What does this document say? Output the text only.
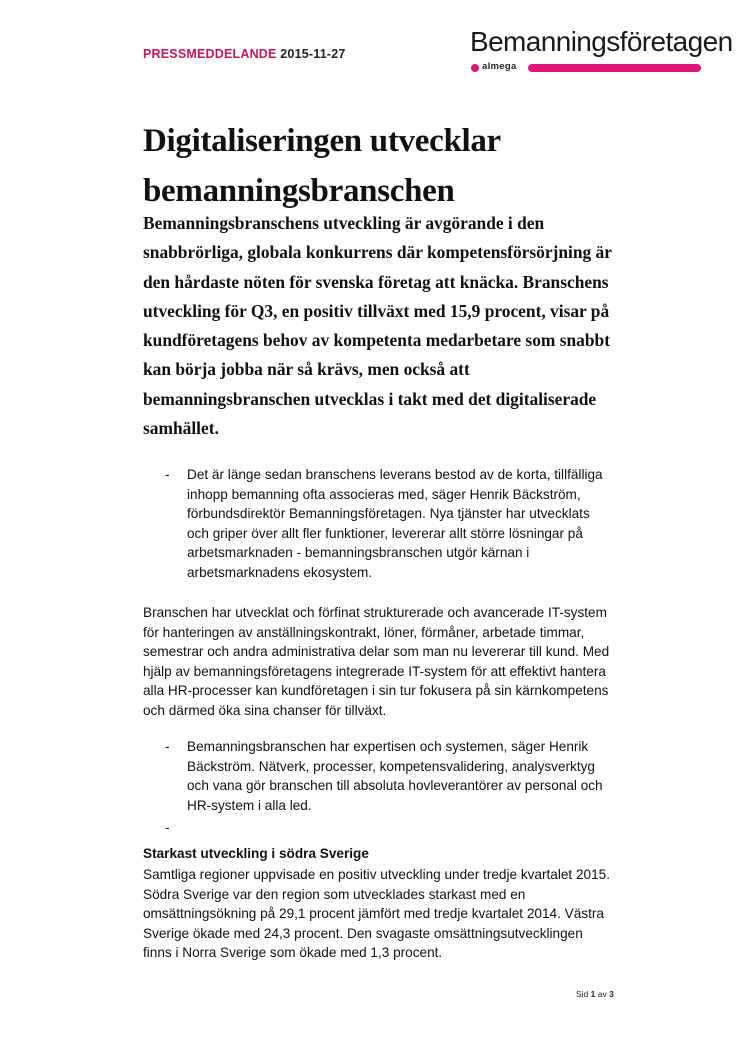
PRESSMEDDELANDE 2015-11-27	Bemanningsföretagen
almega
Digitaliseringen utvecklar bemanningsbranschen

Bemanningsbranschens utveckling är avgörande i den snabbrörliga, globala konkurrens där kompetensförsörjning är den hårdaste nöten för svenska företag att knäcka. Branschens utveckling för Q3, en positiv tillväxt med 15,9 procent, visar på kundföretagens behov av kompetenta medarbetare som snabbt kan börja jobba när så krävs, men också att bemanningsbranschen utvecklas i takt med det digitaliserade samhället.

- Det är länge sedan branschens leverans bestod av de korta, tillfälliga inhopp bemanning ofta associeras med, säger Henrik Bäckström, förbundsdirektör Bemanningsföretagen. Nya tjänster har utvecklats och griper över allt fler funktioner, levererar allt större lösningar på arbetsmarknaden - bemanningsbranschen utgör kärnan i arbetsmarknadens ekosystem.

Branschen har utvecklat och förfinat strukturerade och avancerade IT-system för hanteringen av anställningskontrakt, löner, förmåner, arbetade timmar, semestrar och andra administrativa delar som man nu levererar till kund. Med hjälp av bemanningsföretagens integrerade IT-system för att effektivt hantera alla HR-processer kan kundföretagen i sin tur fokusera på sin kärnkompetens och därmed öka sina chanser för tillväxt.

- Bemanningsbranschen har expertisen och systemen, säger Henrik Bäckström. Nätverk, processer, kompetensvalidering, analysverktyg och vana gör branschen till absoluta hovleverantörer av personal och HR-system i alla led.
-

Starkast utveckling i södra Sverige

Samtliga regioner uppvisade en positiv utveckling under tredje kvartalet 2015. Södra Sverige var den region som utvecklades starkast med en omsättningsökning på 29,1 procent jämfört med tredje kvartalet 2014. Västra Sverige ökade med 24,3 procent. Den svagaste omsättningsutvecklingen finns i Norra Sverige som ökade med 1,3 procent.

Sid 1 av 3
